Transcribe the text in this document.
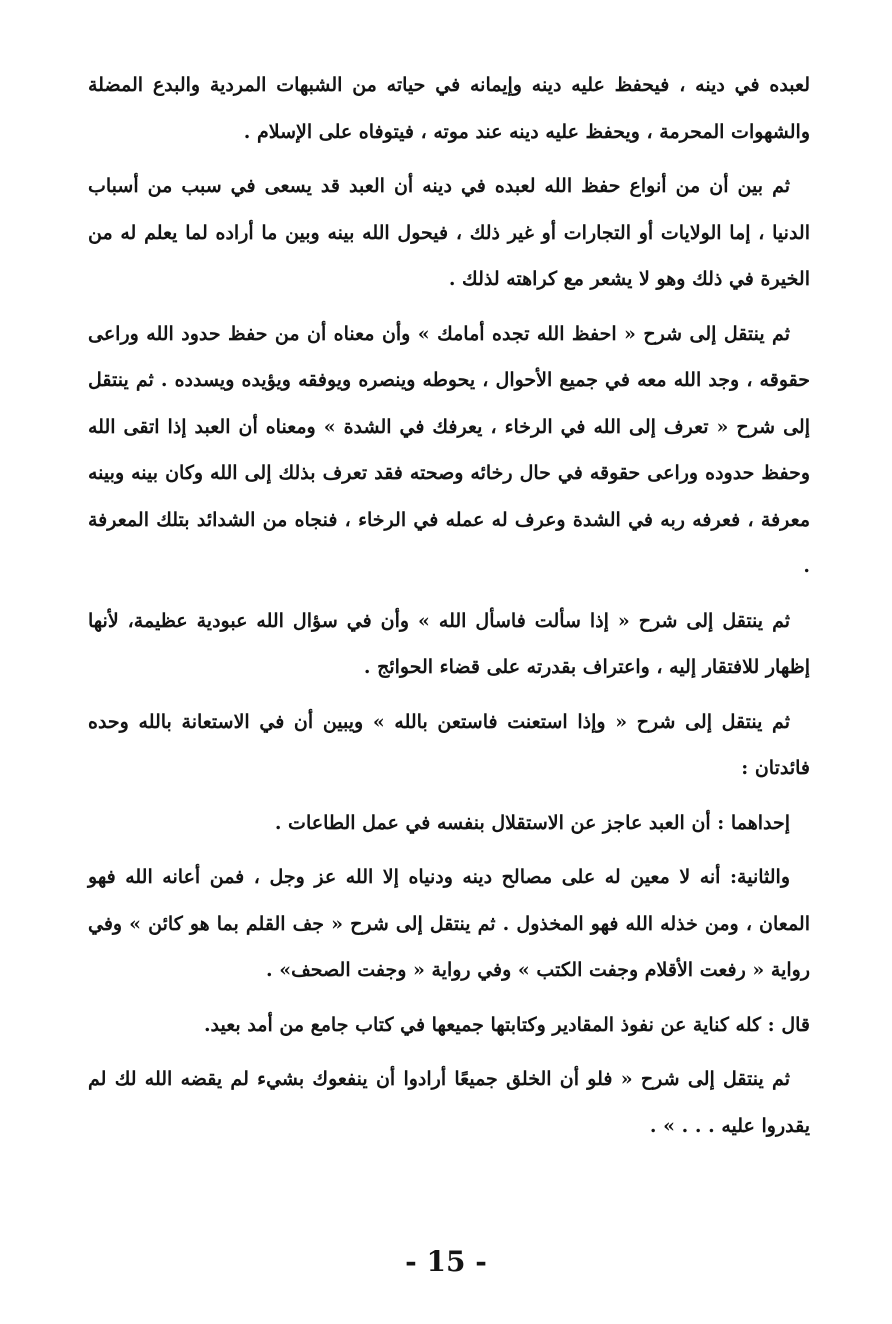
لعبده في دينه ، فيحفظ عليه دينه وإيمانه في حياته من الشبهات المردية والبدع المضلة والشهوات المحرمة ، ويحفظ عليه دينه عند موته ، فيتوفاه على الإسلام .

ثم بين أن من أنواع حفظ الله لعبده في دينه أن العبد قد يسعى في سبب من أسباب الدنيا ، إما الولايات أو التجارات أو غير ذلك ، فيحول الله بينه وبين ما أراده لما يعلم له من الخيرة في ذلك وهو لا يشعر مع كراهته لذلك .

ثم ينتقل إلى شرح « احفظ الله تجده أمامك » وأن معناه أن من حفظ حدود الله وراعى حقوقه ، وجد الله معه في جميع الأحوال ، يحوطه وينصره ويوفقه ويؤيده ويسدده . ثم ينتقل إلى شرح « تعرف إلى الله في الرخاء ، يعرفك في الشدة » ومعناه أن العبد إذا اتقى الله وحفظ حدوده وراعى حقوقه في حال رخائه وصحته فقد تعرف بذلك إلى الله وكان بينه وبينه معرفة ، فعرفه ربه في الشدة وعرف له عمله في الرخاء ، فنجاه من الشدائد بتلك المعرفة .

ثم ينتقل إلى شرح « إذا سألت فاسأل الله » وأن في سؤال الله عبودية عظيمة، لأنها إظهار للافتقار إليه ، واعتراف بقدرته على قضاء الحوائج .

ثم ينتقل إلى شرح « وإذا استعنت فاستعن بالله » ويبين أن في الاستعانة بالله وحده فائدتان :

إحداهما : أن العبد عاجز عن الاستقلال بنفسه في عمل الطاعات .

والثانية: أنه لا معين له على مصالح دينه ودنياه إلا الله عز وجل ، فمن أعانه الله فهو المعان ، ومن خذله الله فهو المخذول . ثم ينتقل إلى شرح « جف القلم بما هو كائن » وفي رواية « رفعت الأقلام وجفت الكتب » وفي رواية « وجفت الصحف» .

قال : كله كناية عن نفوذ المقادير وكتابتها جميعها في كتاب جامع من أمد بعيد.

ثم ينتقل إلى شرح « فلو أن الخلق جميعًا أرادوا أن ينفعوك بشيء لم يقضه الله لك لم يقدروا عليه . . . » .

- 15 -
